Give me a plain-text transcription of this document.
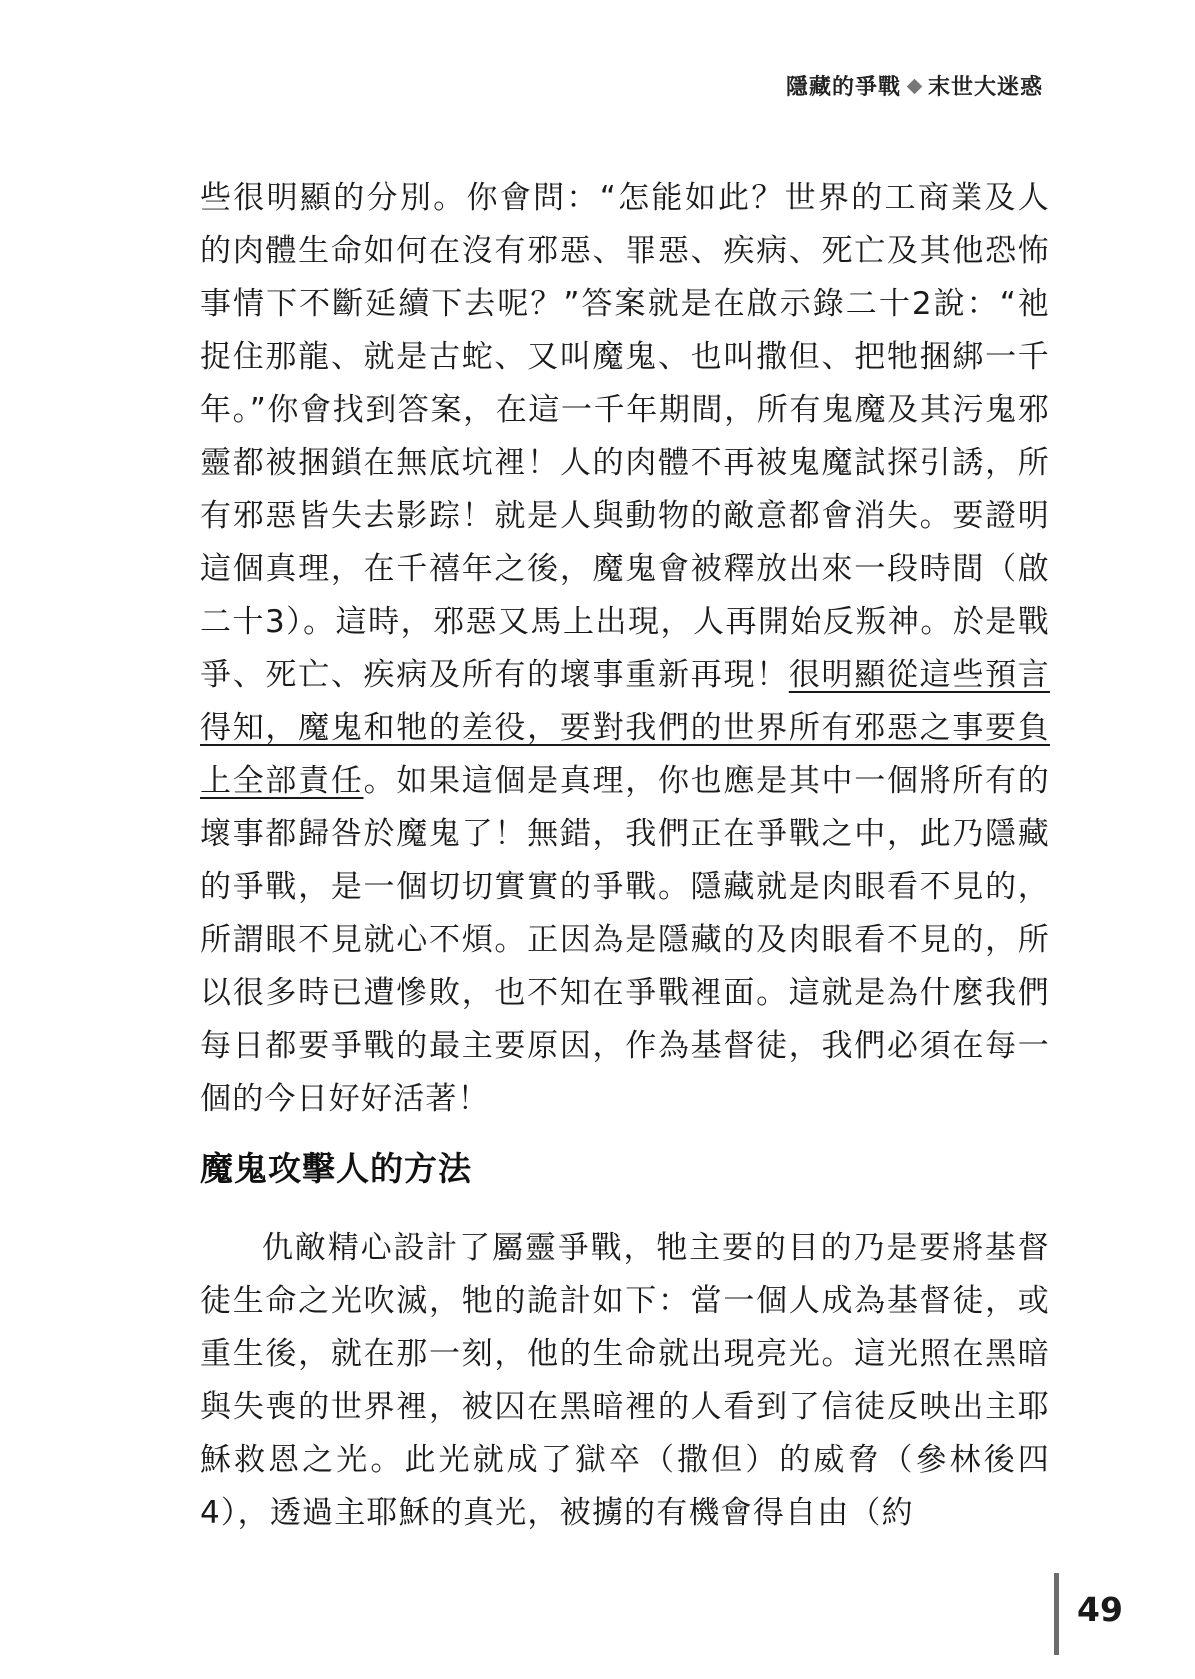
隱藏的爭戰 末世大迷惑

些很明顯的分別。你會問：“怎能如此？世界的工商業及人的肉體生命如何在沒有邪惡、罪惡、疾病、死亡及其他恐怖事情下不斷延續下去呢？”答案就是在啟示錄二十2說：“祂捉住那龍、就是古蛇、又叫魔鬼、也叫撒但、把牠捆綁一千年。”你會找到答案，在這一千年期間，所有鬼魔及其污鬼邪靈都被捆鎖在無底坑裡！人的肉體不再被鬼魔試探引誘，所有邪惡皆失去影踪！就是人與動物的敵意都會消失。要證明這個真理，在千禧年之後，魔鬼會被釋放出來一段時間（啟二十3）。這時，邪惡又馬上出現，人再開始反叛神。於是戰爭、死亡、疾病及所有的壞事重新再現！很明顯從這些預言得知，魔鬼和牠的差役，要對我們的世界所有邪惡之事要負上全部責任。如果這個是真理，你也應是其中一個將所有的壞事都歸咎於魔鬼了！無錯，我們正在爭戰之中，此乃隱藏的爭戰，是一個切切實實的爭戰。隱藏就是肉眼看不見的，所謂眼不見就心不煩。正因為是隱藏的及肉眼看不見的，所以很多時已遭慘敗，也不知在爭戰裡面。這就是為什麼我們每日都要爭戰的最主要原因，作為基督徒，我們必須在每一個的今日好好活著！

魔鬼攻擊人的方法

仇敵精心設計了屬靈爭戰，牠主要的目的乃是要將基督徒生命之光吹滅，牠的詭計如下：當一個人成為基督徒，或重生後，就在那一刻，他的生命就出現亮光。這光照在黑暗與失喪的世界裡，被囚在黑暗裡的人看到了信徒反映出主耶穌救恩之光。此光就成了獄卒（撒但）的威脅（參林後四4），透過主耶穌的真光，被擄的有機會得自由（約

49
